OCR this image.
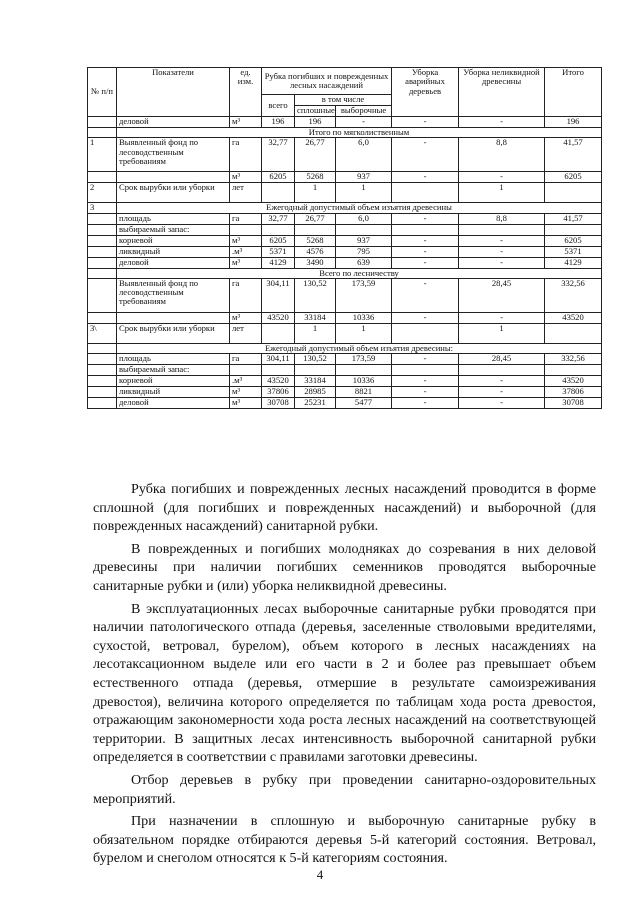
№ п/п	Показатели	ед. изм.	Рубка погибших и поврежденных лесных насаждений			Уборка аварийных деревьев	Уборка неликвидной древесины	Итого
			всего	в том числе				
				сплошные	выборочные			
	деловой	м³	196	196	-	-	-	196
	Итого по мягколиственным							
1	Выявленный фонд по лесоводственным требованиям	га	32,77	26,77	6,0	-	8,8	41,57
		м³	6205	5268	937	-	-	6205
2	Срок вырубки или уборки	лет		1	1		1	
3	Ежегодный допустимый объем изъятия древесины							
	площадь	га	32,77	26,77	6,0	-	8,8	41,57
	выбираемый запас:							
	корневой	м³	6205	5268	937	-	-	6205
	ликвидный	.м³	5371	4576	795	-	-	5371
	деловой	м³	4129	3490	639	-	-	4129
	Всего по лесничеству							
	Выявленный фонд по лесоводственным требованиям	га	304,11	130,52	173,59	-	28,45	332,56
		м³	43520	33184	10336	-	-	43520
3\	Срок вырубки или уборки	лет		1	1		1	
	Ежегодный допустимый объем изъятия древесины:							
	площадь	га	304,11	130,52	173,59	-	28,45	332,56
	выбираемый запас:							
	корневой	.м³	43520	33184	10336	-	-	43520
	ликвидный	м³	37806	28985	8821	-	-	37806
	деловой	м³	30708	25231	5477	-	-	30708

Рубка погибших и поврежденных лесных насаждений проводится в форме сплошной (для погибших и поврежденных насаждений) и выборочной (для поврежденных насаждений) санитарной рубки.

В поврежденных и погибших молодняках до созревания в них деловой древесины при наличии погибших семенников проводятся выборочные санитарные рубки и (или) уборка неликвидной древесины.

В эксплуатационных лесах выборочные санитарные рубки проводятся при наличии патологического отпада (деревья, заселенные стволовыми вредителями, сухостой, ветровал, бурелом), объем которого в лесных насаждениях на лесотаксационном выделе или его части в 2 и более раз превышает объем естественного отпада (деревья, отмершие в результате самоизреживания древостоя), величина которого определяется по таблицам хода роста древостоя, отражающим закономерности хода роста лесных насаждений на соответствующей территории. В защитных лесах интенсивность выборочной санитарной рубки определяется в соответствии с правилами заготовки древесины.

Отбор деревьев в рубку при проведении санитарно-оздоровительных мероприятий.

При назначении в сплошную и выборочную санитарные рубку в обязательном порядке отбираются деревья 5-й категорий состояния. Ветровал, бурелом и снеголом относятся к 5-й категориям состояния.

4
